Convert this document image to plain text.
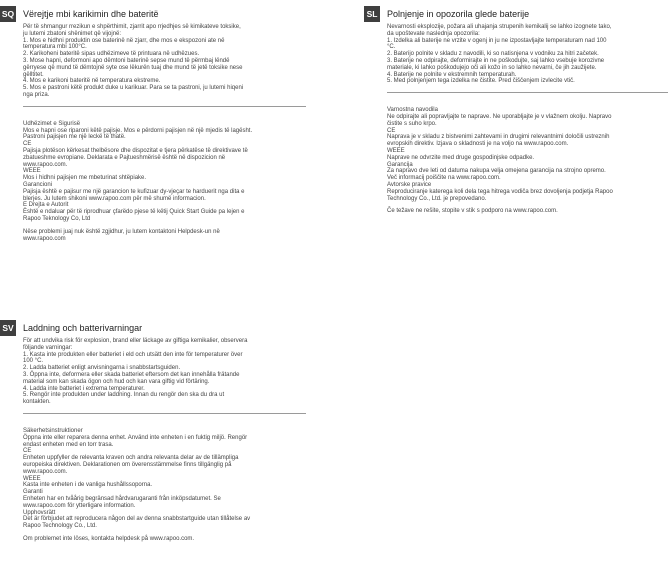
SQ Vërejtje mbi karikimin dhe bateritë
Për të shmangur rrezikun e shpërthimit, zjarrit apo rrjedhjes së kimikateve toksike,
ju lutemi zbatoni shënimet që vijojnë:
1. Mos e hidhni produktin ose baterinë në zjarr, dhe mos e ekspozoni ate në
temperatura mbi 100°C.
2. Karikoheni bateritë sipas udhëzimeve të printuara në udhëzues.
3. Mose hapni, deformoni apo dëmtoni baterinë sepse mund të përmbaj lëndë
gërryese që mund të dëmtojnë syte ose lëkurën tuaj dhe mund të jetë toksike nese
gëlltitet.
4. Mos e karikoni bateritë në temperatura ekstreme.
5. Mos e pastroni këtë produkt duke u karikuar. Para se ta pastroni, ju lutemi hiqeni
nga priza.
Udhëzimet e Sigurisë
Mos e hapni ose riparoni këtë pajisje. Mos e përdorni pajisjen në një mjedis të lagësht.
Pastroni pajisjen me një leckë të thatë.
CE
Pajisja plotëson kërkesat thelbësore dhe dispozitat e tjera përkatëse të direktivave të
zbatueshme evropiane. Deklarata e Pajtueshmërisë është në dispozicion në
www.rapoo.com.
WEEE
Mos i hidhni pajisjen me mbeturinat shtëpiake.
Garancioni
Pajisja është e pajisur me një garancion te kufizuar dy-vjeçar te harduerit nga dita e
blerjes. Ju lutem shikoni www.rapoo.com për më shumë informacion.
E Drejta e Autorit
Është e ndaluar për të riprodhuar çfarëdo pjese të këtij Quick Start Guide pa lejen e
Rapoo Teknology Co, Ltd
Nëse problemi juaj nuk është zgjidhur, ju lutem kontaktoni Helpdesk-un në
www.rapoo.com
SL Polnjenje in opozorila glede baterije
Nevarnosti eksplozije, požara ali uhajanja strupenih kemikalij se lahko izognete tako,
da upoštevate naslednja opozorila:
1. Izdelka ali baterije ne vrzite v ogenj in ju ne izpostavljajte temperaturam nad 100
°C.
2. Baterijo polnite v skladu z navodili, ki so natisnjena v vodniku za hitri začetek.
3. Baterije ne odpirajte, deformirajte in ne poškodujte, saj lahko vsebuje korozivne
materiale, ki lahko poškodujejo oči ali kožo in so lahko nevarni, če jih zaužijete.
4. Baterije ne polnite v ekstremnih temperaturah.
5. Med polnjenjem tega izdelka ne čistite. Pred čiščenjem izvlecite vtič.
Varnostna navodila
Ne odpirajte ali popravljajte te naprave. Ne uporabljajte je v vlažnem okolju. Napravo
čistite s suho krpo.
CE
Naprava je v skladu z bistvenimi zahtevami in drugimi relevantnimi določili ustreznih
evropskih direktiv. Izjava o skladnosti je na voljo na www.rapoo.com.
WEEE
Naprave ne odvrzite med druge gospodinjske odpadke.
Garancija
Za napravo dve leti od datuma nakupa velja omejena garancija na strojno opremo.
Več informacij poiščite na www.rapoo.com.
Avtorske pravice
Reproduciranje katerega koli dela tega hitrega vodiča brez dovoljenja podjetja Rapoo
Technology Co., Ltd. je prepovedano.
Če težave ne rešite, stopite v stik s podporo na www.rapoo.com.
SV Laddning och batterivarningar
För att undvika risk för explosion, brand eller läckage av giftiga kemikalier, observera
följande varningar:
1. Kasta inte produkten eller batteriet i eld och utsätt den inte för temperaturer över
100 °C.
2. Ladda batteriet enligt anvisningarna i snabbstartsguiden.
3. Öppna inte, deformera eller skada batteriet eftersom det kan innehålla frätande
material som kan skada ögon och hud och kan vara giftig vid förtäring.
4. Ladda inte batteriet i extrema temperaturer.
5. Rengör inte produkten under laddning. Innan du rengör den ska du dra ut
kontakten.
Säkerhetsinstruktioner
Öppna inte eller reparera denna enhet. Använd inte enheten i en fuktig miljö. Rengör
endast enheten med en torr trasa.
CE
Enheten uppfyller de relevanta kraven och andra relevanta delar av de tillämpliga
europeiska direktiven. Deklarationen om överensstämmelse finns tillgänglig på
www.rapoo.com.
WEEE
Kasta inte enheten i de vanliga hushållssoporna.
Garanti
Enheten har en tvåårig begränsad hårdvarugaranti från inköpsdatumet. Se
www.rapoo.com för ytterligare information.
Upphovsrätt
Det är förbjudet att reproducera någon del av denna snabbstartguide utan tillåtelse av
Rapoo Technology Co., Ltd.
Om problemet inte löses, kontakta helpdesk på www.rapoo.com.
